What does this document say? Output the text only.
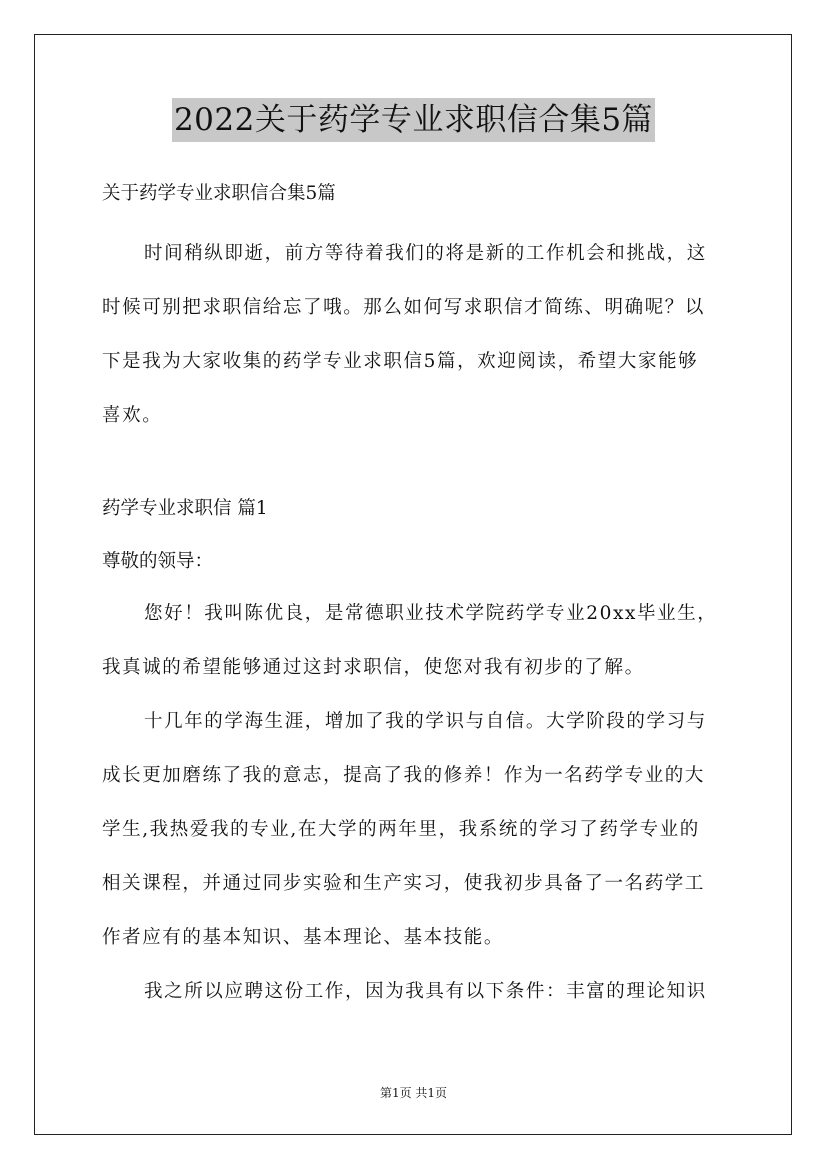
2022关于药学专业求职信合集5篇
关于药学专业求职信合集5篇
时间稍纵即逝，前方等待着我们的将是新的工作机会和挑战，这
时候可别把求职信给忘了哦。那么如何写求职信才简练、明确呢？以
下是我为大家收集的药学专业求职信5篇，欢迎阅读，希望大家能够
喜欢。
药学专业求职信 篇1
尊敬的领导：
您好！我叫陈优良，是常德职业技术学院药学专业20xx毕业生，
我真诚的希望能够通过这封求职信，使您对我有初步的了解。
十几年的学海生涯，增加了我的学识与自信。大学阶段的学习与
成长更加磨练了我的意志，提高了我的修养！作为一名药学专业的大
学生,我热爱我的专业,在大学的两年里，我系统的学习了药学专业的
相关课程，并通过同步实验和生产实习，使我初步具备了一名药学工
作者应有的基本知识、基本理论、基本技能。
我之所以应聘这份工作，因为我具有以下条件：丰富的理论知识
第1页 共1页
